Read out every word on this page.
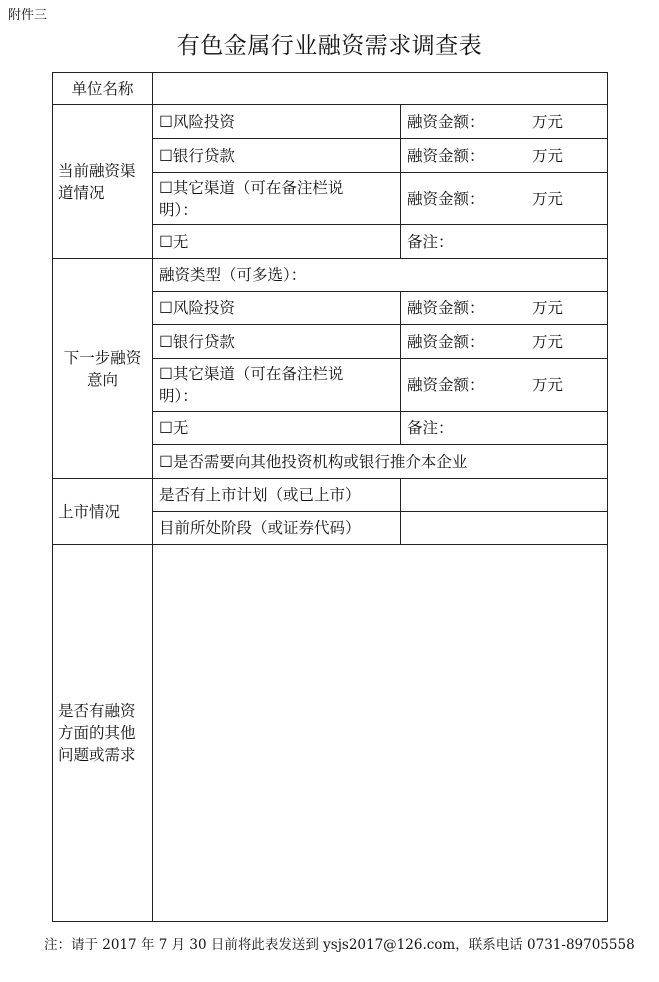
附件三
有色金属行业融资需求调查表
单位名称		
当前融资渠道情况	☐风险投资	融资金额： 万元
	☐银行贷款	融资金额： 万元
	☐其它渠道（可在备注栏说明）：	融资金额： 万元
	☐无	备注：
下一步融资意向	融资类型（可多选）：	
	☐风险投资	融资金额： 万元
	☐银行贷款	融资金额： 万元
	☐其它渠道（可在备注栏说明）：	融资金额： 万元
	☐无	备注：
	☐是否需要向其他投资机构或银行推介本企业	
上市情况	是否有上市计划（或已上市）	
	目前所处阶段（或证券代码）	
是否有融资方面的其他问题或需求		
注：请于 2017 年 7 月 30 日前将此表发送到 ysjs2017@126.com，联系电话 0731-89705558
